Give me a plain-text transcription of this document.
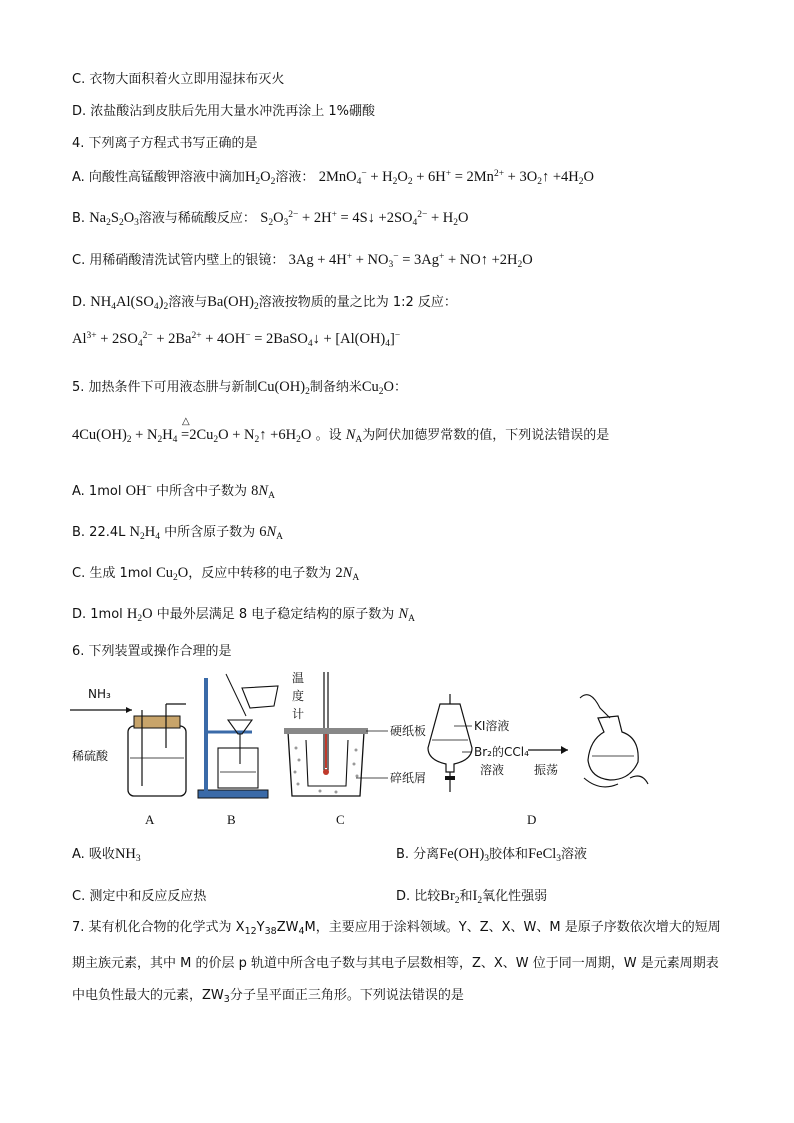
C. 衣物大面积着火立即用湿抹布灭火
D. 浓盐酸沾到皮肤后先用大量水冲洗再涂上 1%硼酸
4. 下列离子方程式书写正确的是
A. 向酸性高锰酸钾溶液中滴加$H_2O_2$溶液： $2MnO_4^- + H_2O_2 + 6H^+ = 2Mn^{2+}$ + $3O_2↑ +4H_2O$
B. $Na_2S_2O_3$溶液与稀硫酸反应： $S_2O_3^{2-} + 2H^+$ = 4S↓ $+2SO_4^{2-} + H_2O$
C. 用稀硝酸清洗试管内壁上的银镜： $3Ag + 4H^+ + NO_3^- = 3Ag^+$ + NO↑ $+2H_2O$
D. $NH_4Al(SO_4)_2$溶液与$Ba(OH)_2$溶液按物质的量之比为 1:2 反应：
$Al^{3+} + 2SO_4^{2-} + 2Ba^{2+} + 4OH^-$ = 2BaSO$_4$↓ + $[Al(OH)_4]^-$
5. 加热条件下可用液态肼与新制$Cu(OH)_2$制备纳米$Cu_2O$：
$4Cu(OH)_2 + N_2H_4$
△
$=2Cu_2O$ + $N_2↑ +6H_2O$ 。设 $N_A$为阿伏加德罗常数的值，下列说法错误的是
A. 1mol OH− 中所含中子数为 $8N_A$
B. 22.4L $N_2H_4$ 中所含原子数为 $6N_A$
C. 生成 1mol $Cu_2O$，反应中转移的电子数为 $2N_A$
D. 1mol $H_2O$ 中最外层满足 8 电子稳定结构的原子数为 $N_A$
6. 下列装置或操作合理的是
NH₃
稀硫酸
温
度
计
硬纸板
碎纸屑
KI溶液
Br₂的CCl₄
溶液 振荡
A	B	C	D
A. 吸收$NH_3$	B. 分离$Fe(OH)_3$胶体和FeCl$_3$溶液
C. 测定中和反应反应热	D. 比较$Br_2$和$I_2$氧化性强弱
7. 某有机化合物的化学式为 $X_{12}Y_{38}ZW_4M$，主要应用于涂料领域。Y、Z、X、W、M 是原子序数依次增大的短周期主族元素，其中 M 的价层 p 轨道中所含电子数与其电子层数相等，Z、X、W 位于同一周期，W 是元素周期表中电负性最大的元素，$ZW_3$分子呈平面正三角形。下列说法错误的是
